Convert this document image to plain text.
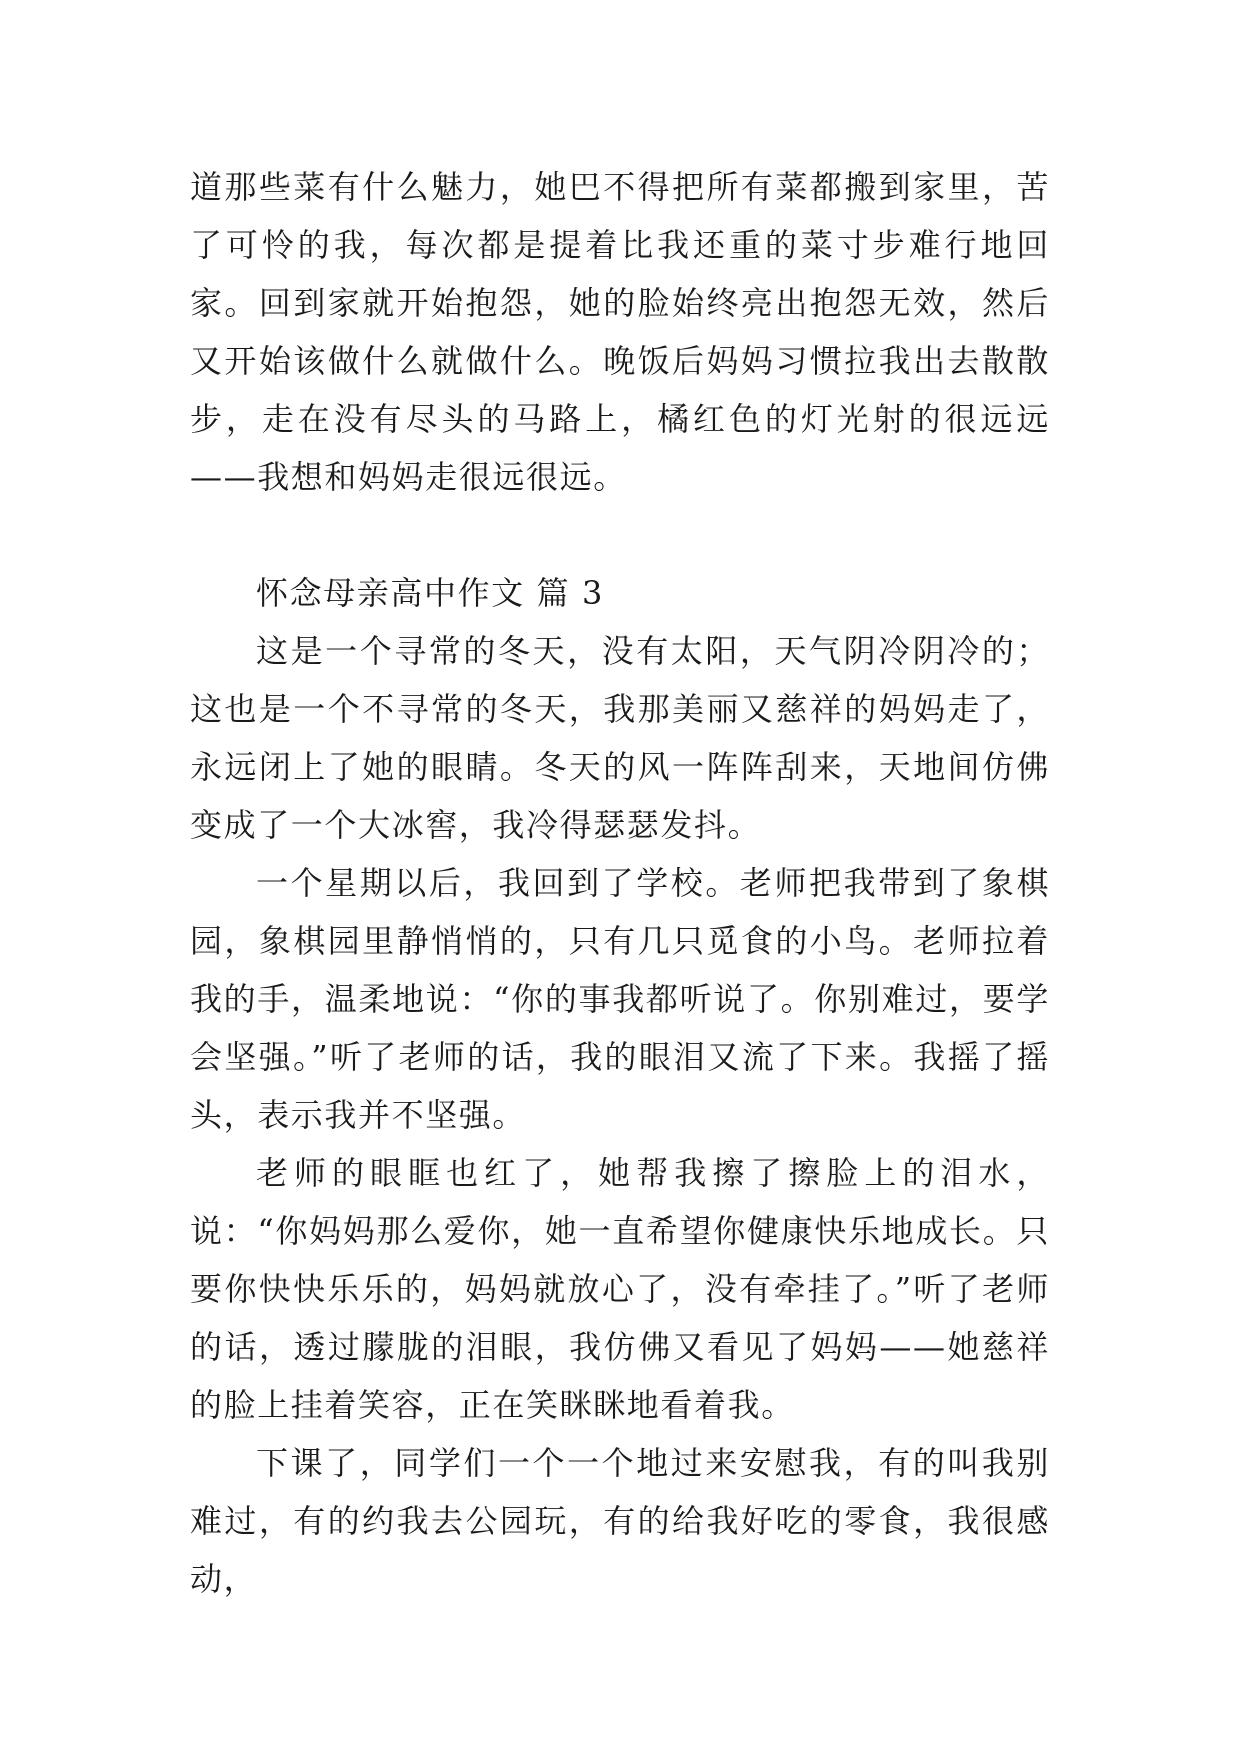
道那些菜有什么魅力，她巴不得把所有菜都搬到家里，苦了可怜的我，每次都是提着比我还重的菜寸步难行地回家。回到家就开始抱怨，她的脸始终亮出抱怨无效，然后又开始该做什么就做什么。晚饭后妈妈习惯拉我出去散散步，走在没有尽头的马路上，橘红色的灯光射的很远远——我想和妈妈走很远很远。

怀念母亲高中作文 篇 3

这是一个寻常的冬天，没有太阳，天气阴冷阴冷的；这也是一个不寻常的冬天，我那美丽又慈祥的妈妈走了，永远闭上了她的眼睛。冬天的风一阵阵刮来，天地间仿佛变成了一个大冰窖，我冷得瑟瑟发抖。

一个星期以后，我回到了学校。老师把我带到了象棋园，象棋园里静悄悄的，只有几只觅食的小鸟。老师拉着我的手，温柔地说：“你的事我都听说了。你别难过，要学会坚强。”听了老师的话，我的眼泪又流了下来。我摇了摇头，表示我并不坚强。

老师的眼眶也红了，她帮我擦了擦脸上的泪水，说：“你妈妈那么爱你，她一直希望你健康快乐地成长。只要你快快乐乐的，妈妈就放心了，没有牵挂了。”听了老师的话，透过朦胧的泪眼，我仿佛又看见了妈妈——她慈祥的脸上挂着笑容，正在笑眯眯地看着我。

下课了，同学们一个一个地过来安慰我，有的叫我别难过，有的约我去公园玩，有的给我好吃的零食，我很感动，
